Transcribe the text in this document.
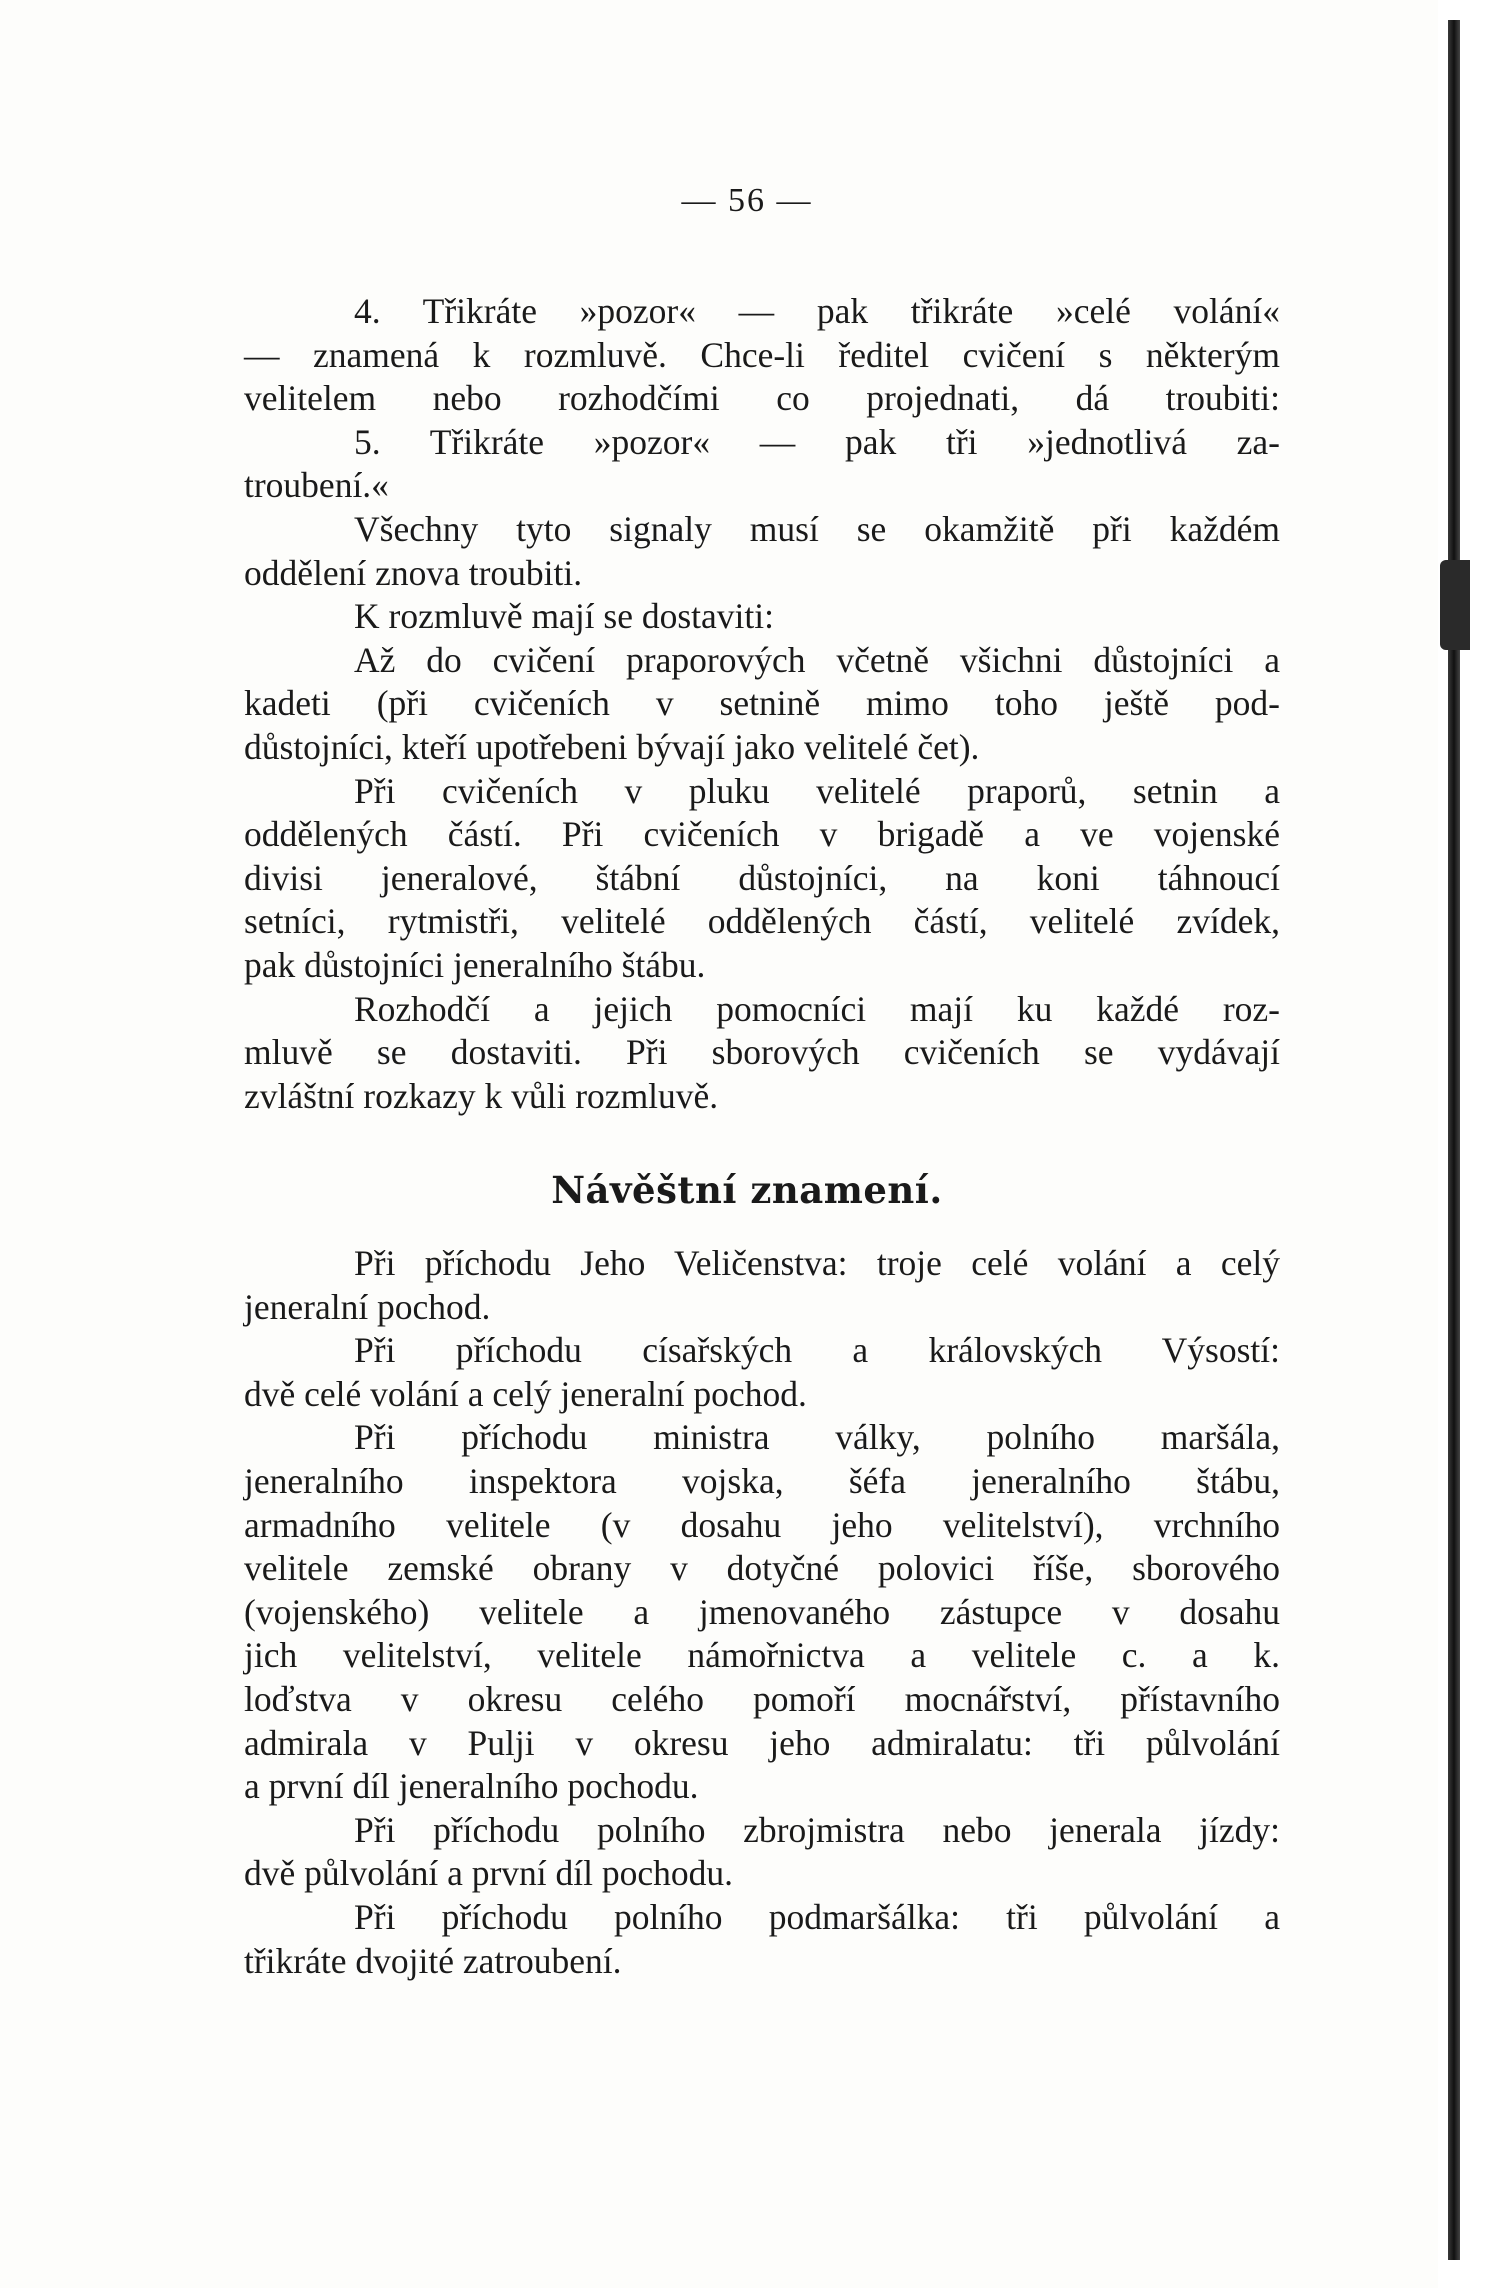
— 56 —
4. Třikráte »pozor« — pak třikráte »celé volání«
— znamená k rozmluvě. Chce-li ředitel cvičení s některým
velitelem nebo rozhodčími co projednati, dá troubiti:
5. Třikráte »pozor« — pak tři »jednotlivá za-
troubení.«
Všechny tyto signaly musí se okamžitě při každém
oddělení znova troubiti.
K rozmluvě mají se dostaviti:
Až do cvičení praporových včetně všichni důstojníci a
kadeti (při cvičeních v setnině mimo toho ještě pod-
důstojníci, kteří upotřebeni bývají jako velitelé čet).
Při cvičeních v pluku velitelé praporů, setnin a
oddělených částí. Při cvičeních v brigadě a ve vojenské
divisi jeneralové, štábní důstojníci, na koni táhnoucí
setníci, rytmistři, velitelé oddělených částí, velitelé zvídek,
pak důstojníci jeneralního štábu.
Rozhodčí a jejich pomocníci mají ku každé roz-
mluvě se dostaviti. Při sborových cvičeních se vydávají
zvláštní rozkazy k vůli rozmluvě.
Návěštní znamení.
Při příchodu Jeho Veličenstva: troje celé volání a celý
jeneralní pochod.
Při příchodu císařských a královských Výsostí:
dvě celé volání a celý jeneralní pochod.
Při příchodu ministra války, polního maršála,
jeneralního inspektora vojska, šéfa jeneralního štábu,
armadního velitele (v dosahu jeho velitelství), vrchního
velitele zemské obrany v dotyčné polovici říše, sborového
(vojenského) velitele a jmenovaného zástupce v dosahu
jich velitelství, velitele námořnictva a velitele c. a k.
loďstva v okresu celého pomoří mocnářství, přístavního
admirala v Pulji v okresu jeho admiralatu: tři půlvolání
a první díl jeneralního pochodu.
Při příchodu polního zbrojmistra nebo jenerala jízdy:
dvě půlvolání a první díl pochodu.
Při příchodu polního podmaršálka: tři půlvolání a
třikráte dvojité zatroubení.
